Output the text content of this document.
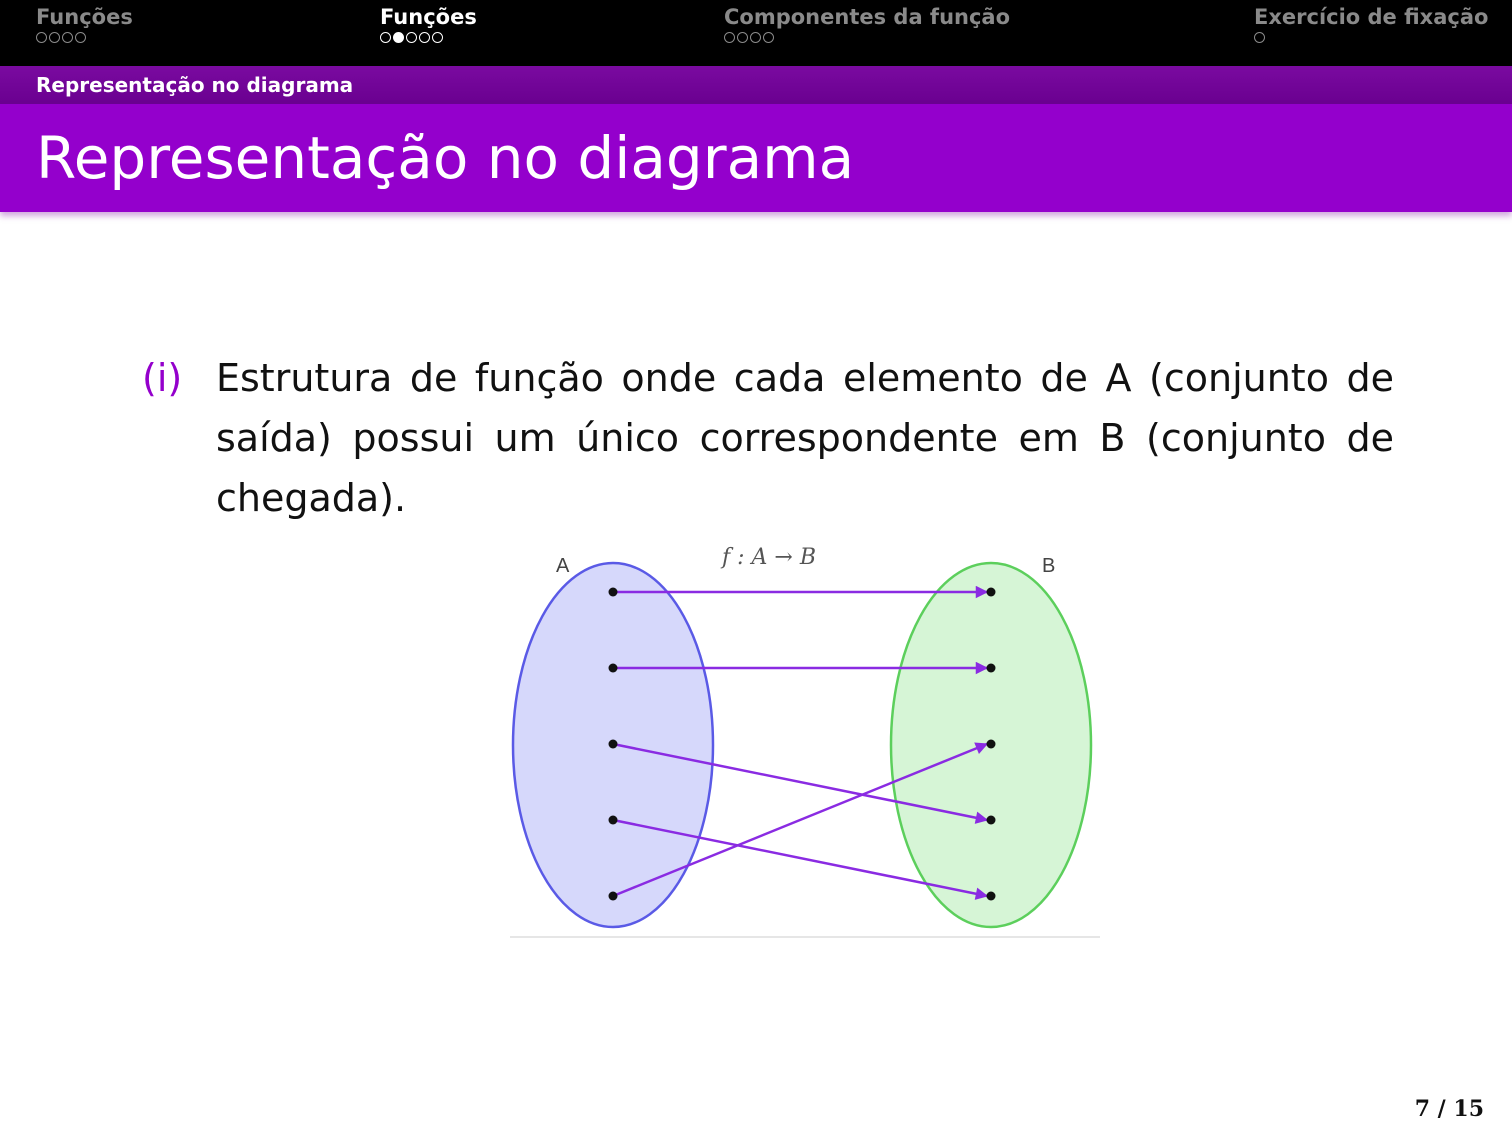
Funções	Funções	Componentes da função	Exercício de fixação
Representação no diagrama
Representação no diagrama
(i) Estrutura de função onde cada elemento de A (conjunto de saída) possui um único correspondente em B (conjunto de chegada).
A	B
f : A → B
7 / 15
